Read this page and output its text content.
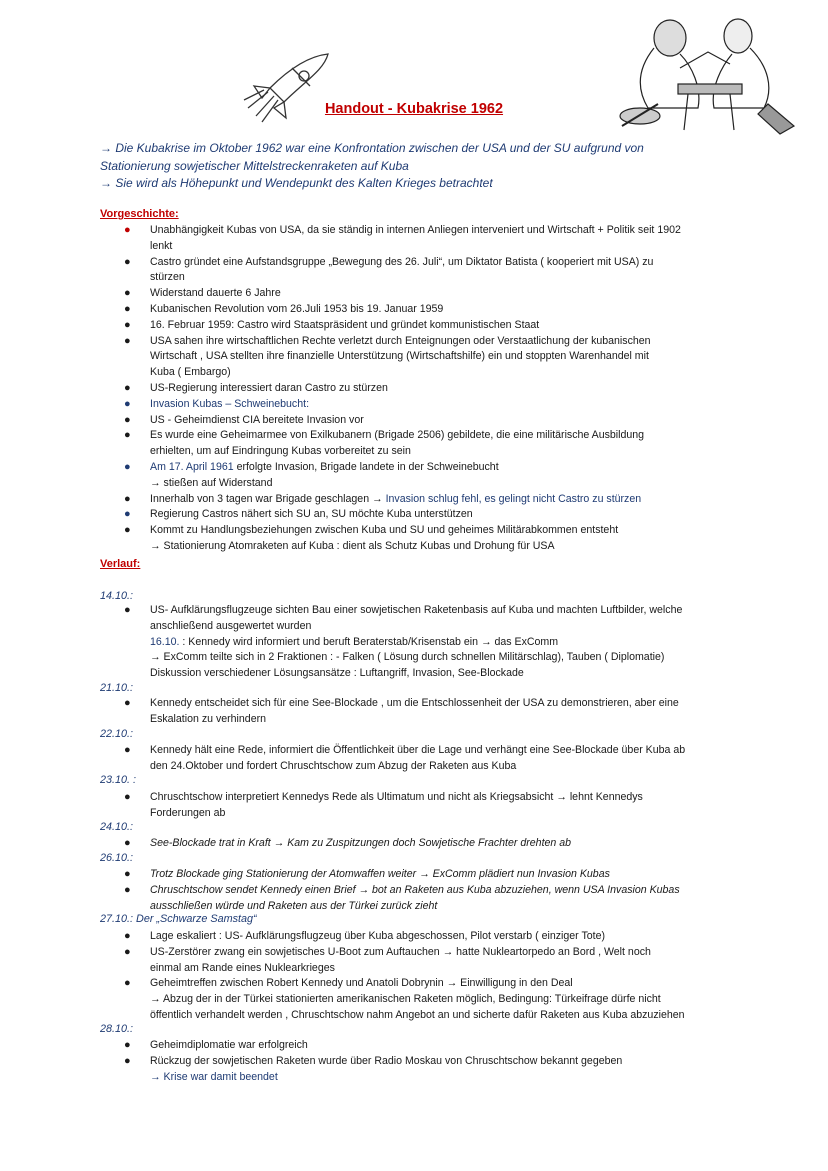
Handout - Kubakrise 1962
→ Die Kubakrise im Oktober 1962 war eine Konfrontation zwischen der USA und der SU aufgrund von
Stationierung sowjetischer Mittelstreckenraketen auf Kuba
→ Sie wird als Höhepunkt und Wendepunkt des Kalten Krieges betrachtet
Vorgeschichte:
● Unabhängigkeit Kubas von USA, da sie ständig in internen Anliegen interveniert und Wirtschaft + Politik seit 1902
lenkt
● Castro gründet eine Aufstandsgruppe „Bewegung des 26. Juli“, um Diktator Batista ( kooperiert mit USA) zu
stürzen
● Widerstand dauerte 6 Jahre
● Kubanischen Revolution vom 26.Juli 1953 bis 19. Januar 1959
● 16. Februar 1959: Castro wird Staatspräsident und gründet kommunistischen Staat
● USA sahen ihre wirtschaftlichen Rechte verletzt durch Enteignungen oder Verstaatlichung der kubanischen
Wirtschaft , USA stellten ihre finanzielle Unterstützung (Wirtschaftshilfe) ein und stoppten Warenhandel mit
Kuba ( Embargo)
● US-Regierung interessiert daran Castro zu stürzen
● Invasion Kubas – Schweinebucht:
● US - Geheimdienst CIA bereitete Invasion vor
● Es wurde eine Geheimarmee von Exilkubanern (Brigade 2506) gebildete, die eine militärische Ausbildung
erhielten, um auf Eindringung Kubas vorbereitet zu sein
● Am 17. April 1961 erfolgte Invasion, Brigade landete in der Schweinebucht
→ stießen auf Widerstand
● Innerhalb von 3 tagen war Brigade geschlagen → Invasion schlug fehl, es gelingt nicht Castro zu stürzen
● Regierung Castros nähert sich SU an, SU möchte Kuba unterstützen
● Kommt zu Handlungsbeziehungen zwischen Kuba und SU und geheimes Militärabkommen entsteht
→ Stationierung Atomraketen auf Kuba : dient als Schutz Kubas und Drohung für USA
Verlauf:
14.10.:
● US- Aufklärungsflugzeuge sichten Bau einer sowjetischen Raketenbasis auf Kuba und machten Luftbilder, welche
anschließend ausgewertet wurden
16.10. : Kennedy wird informiert und beruft Beraterstab/Krisenstab ein → das ExComm
→ ExComm teilte sich in 2 Fraktionen : - Falken ( Lösung durch schnellen Militärschlag), Tauben ( Diplomatie)
Diskussion verschiedener Lösungsansätze : Luftangriff, Invasion, See-Blockade
21.10.:
● Kennedy entscheidet sich für eine See-Blockade , um die Entschlossenheit der USA zu demonstrieren, aber eine
Eskalation zu verhindern
22.10.:
● Kennedy hält eine Rede, informiert die Öffentlichkeit über die Lage und verhängt eine See-Blockade über Kuba ab
den 24.Oktober und fordert Chruschtschow zum Abzug der Raketen aus Kuba
23.10. :
● Chruschtschow interpretiert Kennedys Rede als Ultimatum und nicht als Kriegsabsicht → lehnt Kennedys
Forderungen ab
24.10.:
● See-Blockade trat in Kraft → Kam zu Zuspitzungen doch Sowjetische Frachter drehten ab
26.10.:
● Trotz Blockade ging Stationierung der Atomwaffen weiter → ExComm plädiert nun Invasion Kubas
● Chruschtschow sendet Kennedy einen Brief → bot an Raketen aus Kuba abzuziehen, wenn USA Invasion Kubas
ausschließen würde und Raketen aus der Türkei zurück zieht
27.10.: Der „Schwarze Samstag“
● Lage eskaliert : US- Aufklärungsflugzeug über Kuba abgeschossen, Pilot verstarb ( einziger Tote)
● US-Zerstörer zwang ein sowjetisches U-Boot zum Auftauchen → hatte Nukleartorpedo an Bord , Welt noch
einmal am Rande eines Nuklearkrieges
● Geheimtreffen zwischen Robert Kennedy und Anatoli Dobrynin → Einwilligung in den Deal
→ Abzug der in der Türkei stationierten amerikanischen Raketen möglich, Bedingung: Türkeifrage dürfe nicht
öffentlich verhandelt werden , Chruschtschow nahm Angebot an und sicherte dafür Raketen aus Kuba abzuziehen
28.10.:
● Geheimdiplomatie war erfolgreich
● Rückzug der sowjetischen Raketen wurde über Radio Moskau von Chruschtschow bekannt gegeben
→ Krise war damit beendet
